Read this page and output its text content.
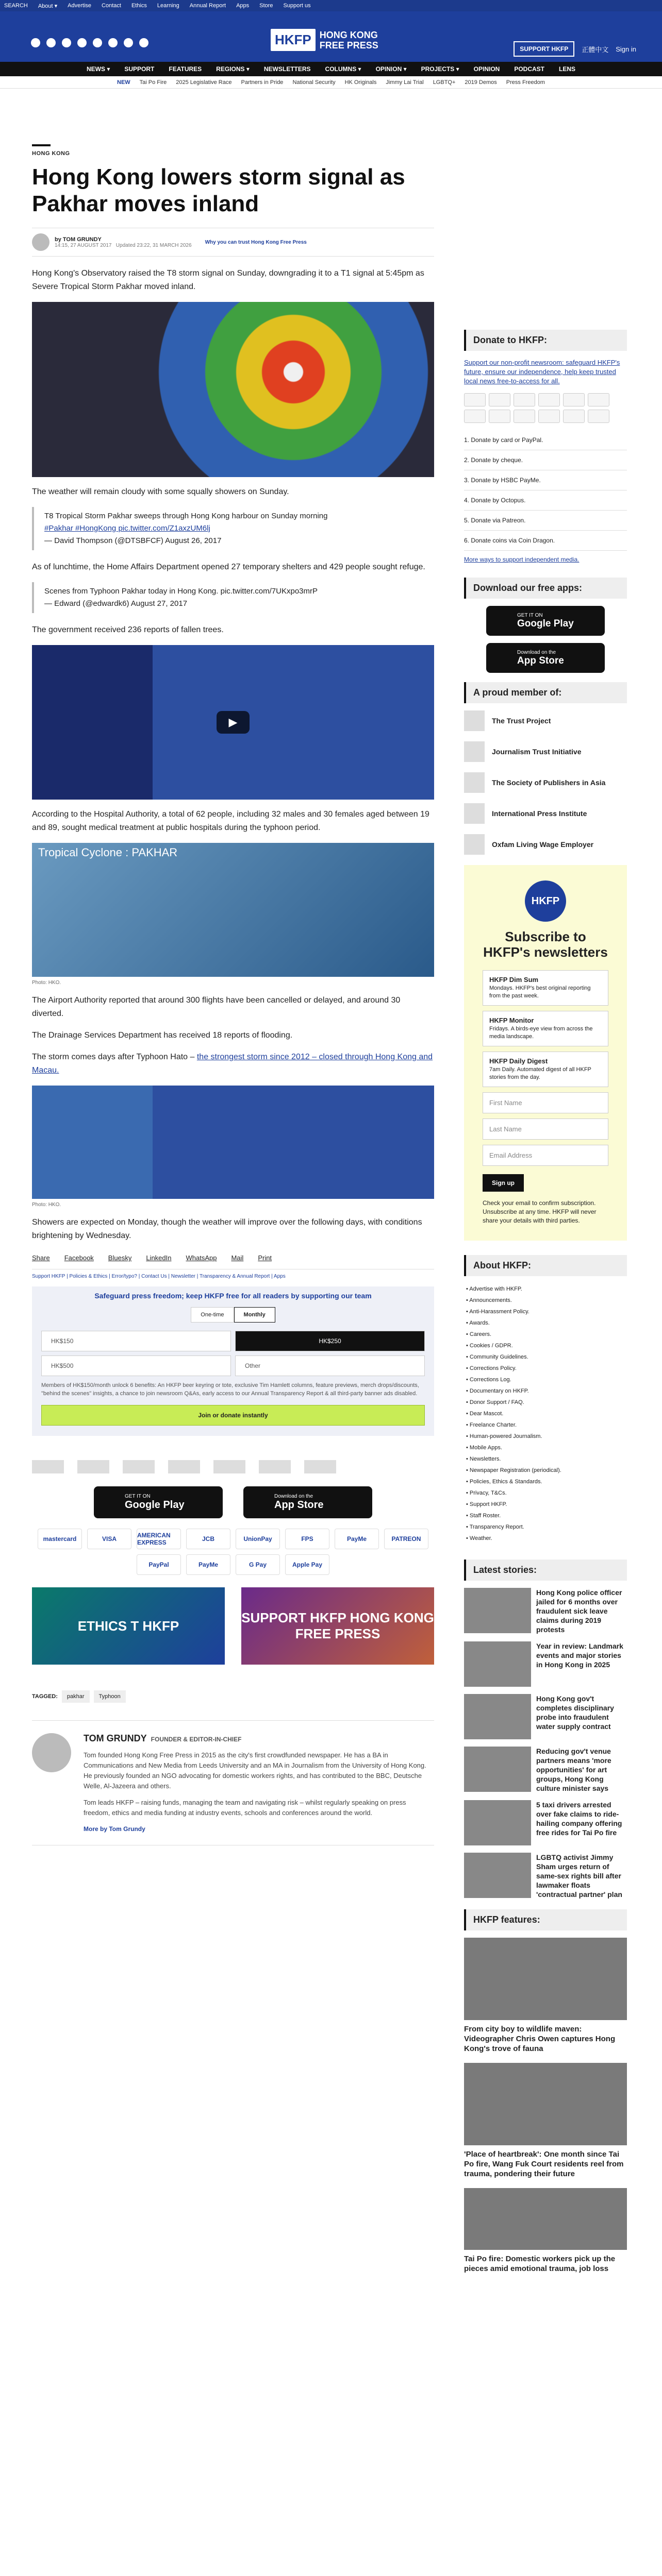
SEARCH About ▾ Advertise Contact Ethics Learning Annual Report Apps Store Support us
HKFP HONG KONG
FREE PRESS	SUPPORT HKFP	正體中文 Sign in
NEWS ▾ SUPPORT FEATURES REGIONS ▾ NEWSLETTERS COLUMNS ▾ OPINION ▾ PROJECTS ▾ OPINION PODCAST LENS
NEW Tai Po Fire 2025 Legislative Race Partners in Pride National Security HK Originals Jimmy Lai Trial LGBTQ+ 2019 Demos Press Freedom
HONG KONG
Hong Kong lowers storm signal as Pakhar moves inland
by TOM GRUNDY
14:15, 27 AUGUST 2017 Updated 23:22, 31 MARCH 2026
Why you can trust Hong Kong Free Press

Hong Kong's Observatory raised the T8 storm signal on Sunday, downgrading it to a T1 signal at 5:45pm as Severe Tropical Storm Pakhar moved inland.

The weather will remain cloudy with some squally showers on Sunday.

T8 Tropical Storm Pakhar sweeps through Hong Kong harbour on Sunday morning
#Pakhar #HongKong pic.twitter.com/Z1axzUM6lj
— David Thompson (@DTSBFCF) August 26, 2017

As of lunchtime, the Home Affairs Department opened 27 temporary shelters and 429 people sought refuge.

Scenes from Typhoon Pakhar today in Hong Kong. pic.twitter.com/7UKxpo3mrP
— Edward (@edwardk6) August 27, 2017

The government received 236 reports of fallen trees.

▶

According to the Hospital Authority, a total of 62 people, including 32 males and 30 females aged between 19 and 89, sought medical treatment at public hospitals during the typhoon period.

Tropical Cyclone : PAKHAR
Photo: HKO.

The Airport Authority reported that around 300 flights have been cancelled or delayed, and around 30 diverted.

The Drainage Services Department has received 18 reports of flooding.

The storm comes days after Typhoon Hato – the strongest storm since 2012 – closed through Hong Kong and Macau.

Photo: HKO.

Showers are expected on Monday, though the weather will improve over the following days, with conditions brightening by Wednesday.

Share Facebook Bluesky LinkedIn WhatsApp Mail Print
Support HKFP | Policies & Ethics | Error/typo? | Contact Us | Newsletter | Transparency & Annual Report | Apps
Safeguard press freedom; keep HKFP free for all readers by supporting our team
One-time	Monthly
HK$150	HK$250
HK$500	Other
Members of HK$150/month unlock 6 benefits: An HKFP beer keyring or tote, exclusive Tim Hamlett columns, feature previews, merch drops/discounts, "behind the scenes" insights, a chance to join newsroom Q&As, early access to our Annual Transparency Report & all third-party banner ads disabled.
Join or donate instantly
GET IT ON
Google Play
Download on the
App Store
mastercard	VISA	AMERICAN EXPRESS	JCB	UnionPay	FPS	PayMe	PATREON
PayPal	PayMe	G Pay	Apple Pay
ETHICS T HKFP
SUPPORT HKFP HONG KONG FREE PRESS
TAGGED:	pakhar	Typhoon
TOM GRUNDY FOUNDER & EDITOR-IN-CHIEF
Tom founded Hong Kong Free Press in 2015 as the city's first crowdfunded newspaper. He has a BA in Communications and New Media from Leeds University and an MA in Journalism from the University of Hong Kong. He previously founded an NGO advocating for domestic workers rights, and has contributed to the BBC, Deutsche Welle, Al-Jazeera and others.
Tom leads HKFP – raising funds, managing the team and navigating risk – whilst regularly speaking on press freedom, ethics and media funding at industry events, schools and conferences around the world.
More by Tom Grundy
Donate to HKFP:

Support our non-profit newsroom: safeguard HKFP's future, ensure our independence, help keep trusted local news free-to-access for all.

1. Donate by card or PayPal.
2. Donate by cheque.
3. Donate by HSBC PayMe.
4. Donate by Octopus.
5. Donate via Patreon.
6. Donate coins via Coin Dragon.
More ways to support independent media.
Download our free apps:
GET IT ON
Google Play
Download on the
App Store
A proud member of:
The Trust Project
Journalism Trust Initiative
The Society of Publishers in Asia
International Press Institute
Oxfam Living Wage Employer
HKFP
Subscribe to HKFP's newsletters
HKFP Dim Sum
Mondays. HKFP's best original reporting from the past week.
HKFP Monitor
Fridays. A birds-eye view from across the media landscape.
HKFP Daily Digest
7am Daily. Automated digest of all HKFP stories from the day.
First Name
Last Name
Email Address
Sign up
Check your email to confirm subscription. Unsubscribe at any time. HKFP will never share your details with third parties.
About HKFP:
• Advertise with HKFP.
• Announcements.
• Anti-Harassment Policy.
• Awards.
• Careers.
• Cookies / GDPR.
• Community Guidelines.
• Corrections Policy.
• Corrections Log.
• Documentary on HKFP.
• Donor Support / FAQ.
• Dear Mascot.
• Freelance Charter.
• Human-powered Journalism.
• Mobile Apps.
• Newsletters.
• Newspaper Registration (periodical).
• Policies, Ethics & Standards.
• Privacy, T&Cs.
• Support HKFP.
• Staff Roster.
• Transparency Report.
• Weather.
Latest stories:
Hong Kong police officer jailed for 6 months over fraudulent sick leave claims during 2019 protests
Year in review: Landmark events and major stories in Hong Kong in 2025
Hong Kong gov't completes disciplinary probe into fraudulent water supply contract
Reducing gov't venue partners means 'more opportunities' for art groups, Hong Kong culture minister says
5 taxi drivers arrested over fake claims to ride-hailing company offering free rides for Tai Po fire
LGBTQ activist Jimmy Sham urges return of same-sex rights bill after lawmaker floats 'contractual partner' plan
HKFP features:
From city boy to wildlife maven: Videographer Chris Owen captures Hong Kong's trove of fauna
'Place of heartbreak': One month since Tai Po fire, Wang Fuk Court residents reel from trauma, pondering their future
Tai Po fire: Domestic workers pick up the pieces amid emotional trauma, job loss
